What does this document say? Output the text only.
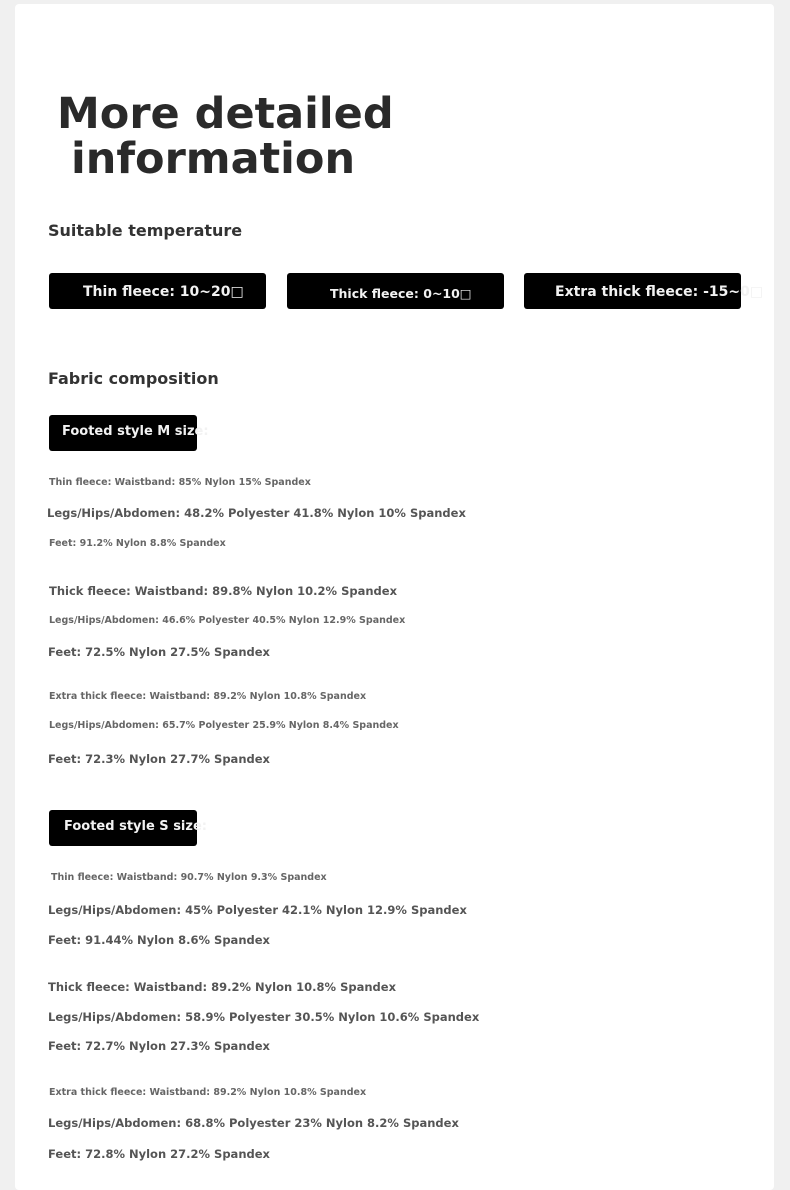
More detailed
information
Suitable temperature
Thin fleece: 10~20□	Thick fleece: 0~10□	Extra thick fleece: -15~0□
Fabric composition
Footed style M size:
Thin fleece: Waistband: 85% Nylon 15% Spandex
Legs/Hips/Abdomen: 48.2% Polyester 41.8% Nylon 10% Spandex
Feet: 91.2% Nylon 8.8% Spandex
Thick fleece: Waistband: 89.8% Nylon 10.2% Spandex
Legs/Hips/Abdomen: 46.6% Polyester 40.5% Nylon 12.9% Spandex
Feet: 72.5% Nylon 27.5% Spandex
Extra thick fleece: Waistband: 89.2% Nylon 10.8% Spandex
Legs/Hips/Abdomen: 65.7% Polyester 25.9% Nylon 8.4% Spandex
Feet: 72.3% Nylon 27.7% Spandex
Footed style S size:
Thin fleece: Waistband: 90.7% Nylon 9.3% Spandex
Legs/Hips/Abdomen: 45% Polyester 42.1% Nylon 12.9% Spandex
Feet: 91.44% Nylon 8.6% Spandex
Thick fleece: Waistband: 89.2% Nylon 10.8% Spandex
Legs/Hips/Abdomen: 58.9% Polyester 30.5% Nylon 10.6% Spandex
Feet: 72.7% Nylon 27.3% Spandex
Extra thick fleece: Waistband: 89.2% Nylon 10.8% Spandex
Legs/Hips/Abdomen: 68.8% Polyester 23% Nylon 8.2% Spandex
Feet: 72.8% Nylon 27.2% Spandex
